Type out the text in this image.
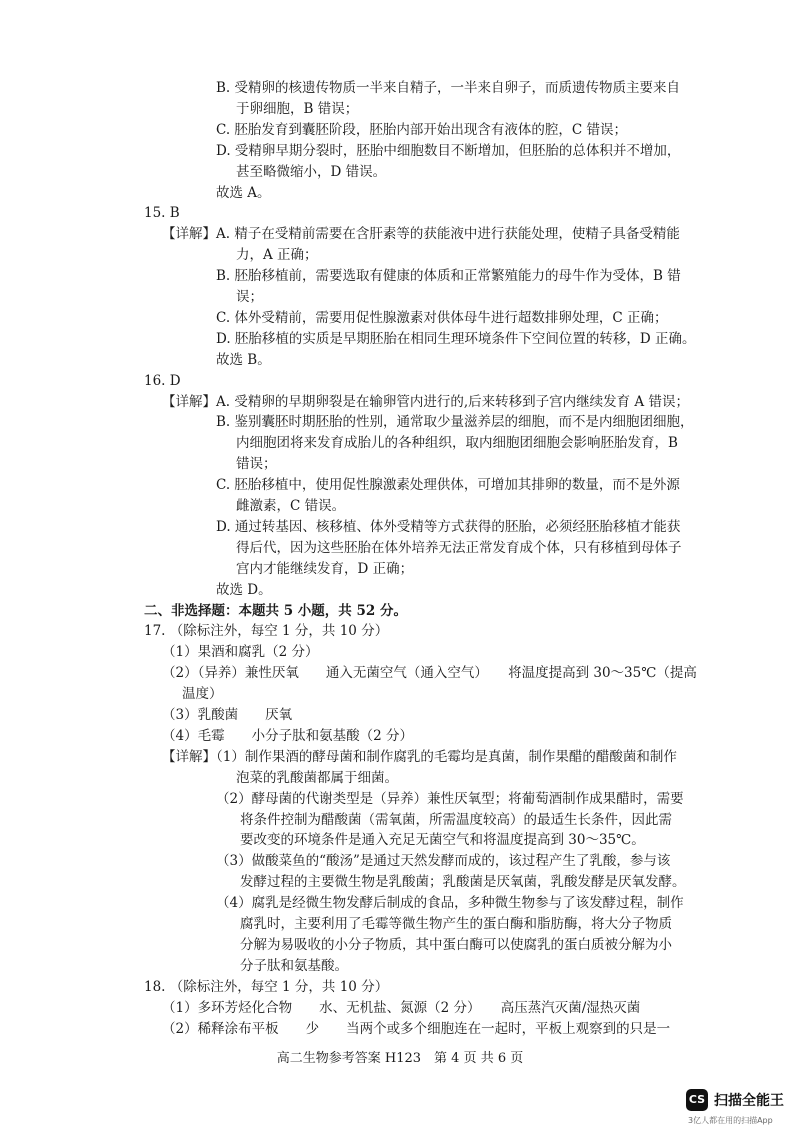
B. 受精卵的核遗传物质一半来自精子，一半来自卵子，而质遗传物质主要来自
于卵细胞，B 错误；
C. 胚胎发育到囊胚阶段，胚胎内部开始出现含有液体的腔，C 错误；
D. 受精卵早期分裂时，胚胎中细胞数目不断增加，但胚胎的总体积并不增加，
甚至略微缩小，D 错误。
故选 A。
15. B
【详解】A. 精子在受精前需要在含肝素等的获能液中进行获能处理，使精子具备受精能
力，A 正确；
B. 胚胎移植前，需要选取有健康的体质和正常繁殖能力的母牛作为受体，B 错
误；
C. 体外受精前，需要用促性腺激素对供体母牛进行超数排卵处理，C 正确；
D. 胚胎移植的实质是早期胚胎在相同生理环境条件下空间位置的转移，D 正确。
故选 B。
16. D
【详解】A. 受精卵的早期卵裂是在输卵管内进行的,后来转移到子宫内继续发育 A 错误；
B. 鉴别囊胚时期胚胎的性别，通常取少量滋养层的细胞，而不是内细胞团细胞，
内细胞团将来发育成胎儿的各种组织，取内细胞团细胞会影响胚胎发育，B
错误；
C. 胚胎移植中，使用促性腺激素处理供体，可增加其排卵的数量，而不是外源
雌激素，C 错误。
D. 通过转基因、核移植、体外受精等方式获得的胚胎，必须经胚胎移植才能获
得后代，因为这些胚胎在体外培养无法正常发育成个体，只有移植到母体子
宫内才能继续发育，D 正确；
故选 D。
二、非选择题：本题共 5 小题，共 52 分。
17. （除标注外，每空 1 分，共 10 分）
（1）果酒和腐乳（2 分）
（2）（异养）兼性厌氧　　通入无菌空气（通入空气）　　将温度提高到 30～35℃（提高
温度）
（3）乳酸菌　　厌氧
（4）毛霉　　小分子肽和氨基酸（2 分）
【详解】（1）制作果酒的酵母菌和制作腐乳的毛霉均是真菌，制作果醋的醋酸菌和制作
泡菜的乳酸菌都属于细菌。
（2）酵母菌的代谢类型是（异养）兼性厌氧型；将葡萄酒制作成果醋时，需要
将条件控制为醋酸菌（需氧菌，所需温度较高）的最适生长条件，因此需
要改变的环境条件是通入充足无菌空气和将温度提高到 30～35℃。
（3）做酸菜鱼的“酸汤”是通过天然发酵而成的，该过程产生了乳酸，参与该
发酵过程的主要微生物是乳酸菌；乳酸菌是厌氧菌，乳酸发酵是厌氧发酵。
（4）腐乳是经微生物发酵后制成的食品，多种微生物参与了该发酵过程，制作
腐乳时，主要利用了毛霉等微生物产生的蛋白酶和脂肪酶，将大分子物质
分解为易吸收的小分子物质，其中蛋白酶可以使腐乳的蛋白质被分解为小
分子肽和氨基酸。
18. （除标注外，每空 1 分，共 10 分）
（1）多环芳烃化合物　　水、无机盐、氮源（2 分）　　高压蒸汽灭菌/湿热灭菌
（2）稀释涂布平板　　少　　当两个或多个细胞连在一起时，平板上观察到的只是一
高二生物参考答案 H123　第 4 页 共 6 页
CS 扫描全能王
3亿人都在用的扫描App
